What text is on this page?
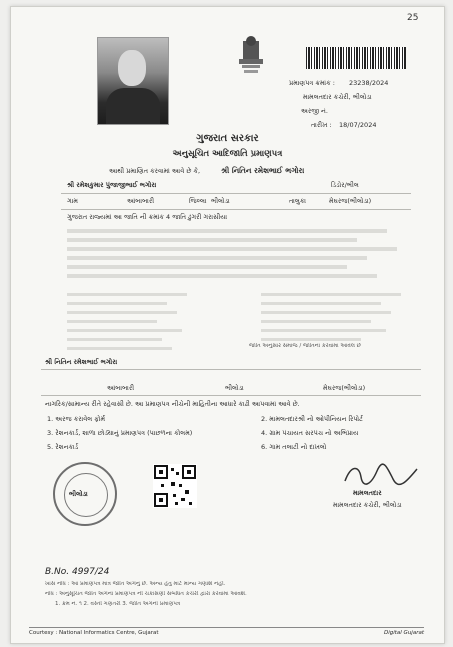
25
પ્રમાણપત્ર ક્રમાંક :	23238/2024
મામલતદાર કચેરી, ભીલોડા
અરજી નં.
તારીખ : 18/07/2024
ગુજરાત સરકાર
અનુસૂચિત આદિજાતિ પ્રમાણપત્ર
આથી પ્રમાણિત કરવામાં આવે છે કે,	શ્રી નિતિન રમેશભાઈ ભગોરા
શ્રી રમેશકુમાર પુંજાજીભાઈ ભગોરા	ડિંડોર/ભીલ
ગામ	આંબાબારી	જિલ્લા ભીલોડા	તાલુકા	મેઘરજ(ભીલોડા)
ગુજરાત રાજ્યમાં આ જાતિ ની ક્રમાંક 4 જાતિ ઢુંગરી ગરાસીયા
જાતિ અનુસાર સમાજ / જાતિના કરવામાં આવેલ છે
શ્રી નિતિન રમેશભાઈ ભગોરા
આંબાબારી	ભીલોડા	મેઘરજ(ભીલોડા)
નાગરિક/સામાન્ય રીતે રહેવાસી છે. આ પ્રમાણપત્ર નીચેની માહિતીના આધારે કાઢી આપવામાં આવે છે.
1. અરજ કરાવેલ ફોર્મ	2. મામલતદારશ્રી નો ઓપીનિયન રિપોર્ટ
3. રેશનકાર્ડ, શાળા છોડ્યાનું પ્રમાણપત્ર (પાછળના કોલમ)	4. ગ્રામ પંચાયત સરપંચ નો અભિપ્રાય
5. રેશનકાર્ડ	6. ગામ તલાટી નો દાખલો
ભીલોડા	મામલતદાર
મામલતદાર કચેરી, ભીલોડા
B.No. 4997/24
ખાસ નોંધ : આ પ્રમાણપત્ર માત્ર જાતિ અંગેનું છે. અન્ય હેતુ માટે માન્ય ગણાશે નહીં.
નોંધ : અનુસૂચિત જાતિ અંગેના પ્રમાણપત્ર ની ચકાસણી સંબંધિત કચેરી દ્વારા કરવામાં આવશે.
1. ક્રમ નં. ૧ 2. વસ્તી ગણતરી 3. જાતિ અંગેનો પ્રમાણપત્ર
Courtesy : National Informatics Centre, Gujarat	Digital Gujarat
